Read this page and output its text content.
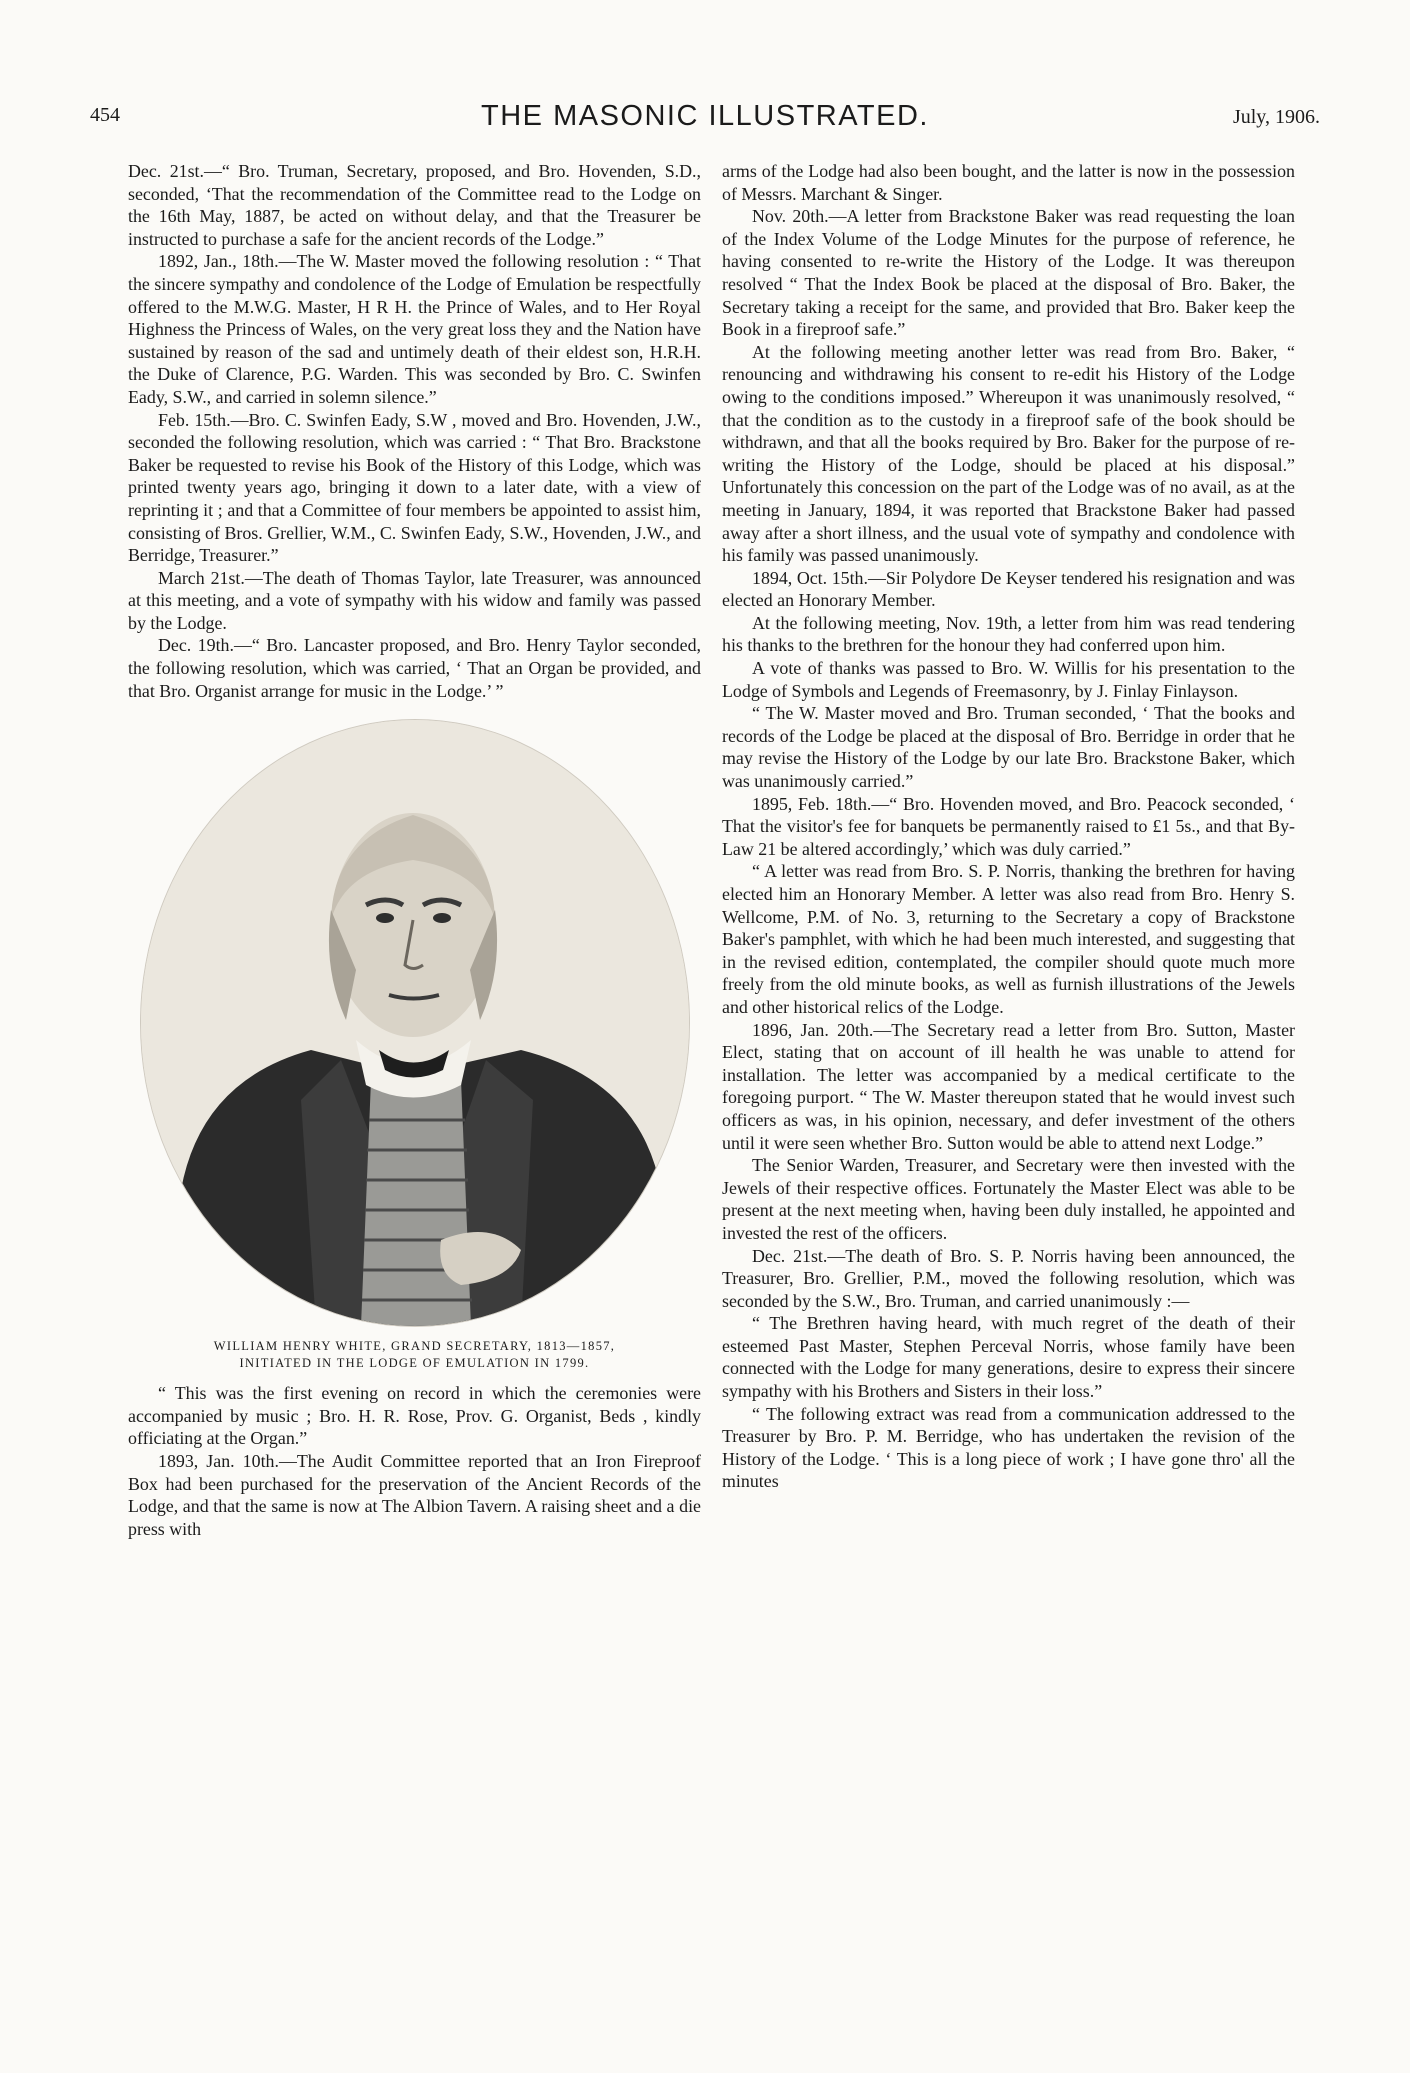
454	THE MASONIC ILLUSTRATED.	July, 1906.

Dec. 21st.—“ Bro. Truman, Secretary, proposed, and Bro. Hovenden, S.D., seconded, ‘That the recommendation of the Committee read to the Lodge on the 16th May, 1887, be acted on without delay, and that the Treasurer be instructed to purchase a safe for the ancient records of the Lodge.”

1892, Jan., 18th.—The W. Master moved the following resolution : “ That the sincere sympathy and condolence of the Lodge of Emulation be respectfully offered to the M.W.G. Master, H R H. the Prince of Wales, and to Her Royal Highness the Princess of Wales, on the very great loss they and the Nation have sustained by reason of the sad and untimely death of their eldest son, H.R.H. the Duke of Clarence, P.G. Warden. This was seconded by Bro. C. Swinfen Eady, S.W., and carried in solemn silence.”

Feb. 15th.—Bro. C. Swinfen Eady, S.W , moved and Bro. Hovenden, J.W., seconded the following resolution, which was carried : “ That Bro. Brackstone Baker be requested to revise his Book of the History of this Lodge, which was printed twenty years ago, bringing it down to a later date, with a view of reprinting it ; and that a Committee of four members be appointed to assist him, consisting of Bros. Grellier, W.M., C. Swinfen Eady, S.W., Hovenden, J.W., and Berridge, Treasurer.”

March 21st.—The death of Thomas Taylor, late Treasurer, was announced at this meeting, and a vote of sympathy with his widow and family was passed by the Lodge.

Dec. 19th.—“ Bro. Lancaster proposed, and Bro. Henry Taylor seconded, the following resolution, which was carried, ‘ That an Organ be provided, and that Bro. Organist arrange for music in the Lodge.’ ”

WILLIAM HENRY WHITE, GRAND SECRETARY, 1813—1857,
INITIATED IN THE LODGE OF EMULATION IN 1799.

“ This was the first evening on record in which the ceremonies were accompanied by music ; Bro. H. R. Rose, Prov. G. Organist, Beds , kindly officiating at the Organ.”

1893, Jan. 10th.—The Audit Committee reported that an Iron Fireproof Box had been purchased for the preservation of the Ancient Records of the Lodge, and that the same is now at The Albion Tavern. A raising sheet and a die press with

arms of the Lodge had also been bought, and the latter is now in the possession of Messrs. Marchant & Singer.

Nov. 20th.—A letter from Brackstone Baker was read requesting the loan of the Index Volume of the Lodge Minutes for the purpose of reference, he having consented to re-write the History of the Lodge. It was thereupon resolved “ That the Index Book be placed at the disposal of Bro. Baker, the Secretary taking a receipt for the same, and provided that Bro. Baker keep the Book in a fireproof safe.”

At the following meeting another letter was read from Bro. Baker, “ renouncing and withdrawing his consent to re-edit his History of the Lodge owing to the conditions imposed.” Whereupon it was unanimously resolved, “ that the condition as to the custody in a fireproof safe of the book should be withdrawn, and that all the books required by Bro. Baker for the purpose of re-writing the History of the Lodge, should be placed at his disposal.” Unfortunately this concession on the part of the Lodge was of no avail, as at the meeting in January, 1894, it was reported that Brackstone Baker had passed away after a short illness, and the usual vote of sympathy and condolence with his family was passed unanimously.

1894, Oct. 15th.—Sir Polydore De Keyser tendered his resignation and was elected an Honorary Member.

At the following meeting, Nov. 19th, a letter from him was read tendering his thanks to the brethren for the honour they had conferred upon him.

A vote of thanks was passed to Bro. W. Willis for his presentation to the Lodge of Symbols and Legends of Freemasonry, by J. Finlay Finlayson.

“ The W. Master moved and Bro. Truman seconded, ‘ That the books and records of the Lodge be placed at the disposal of Bro. Berridge in order that he may revise the History of the Lodge by our late Bro. Brackstone Baker, which was unanimously carried.”

1895, Feb. 18th.—“ Bro. Hovenden moved, and Bro. Peacock seconded, ‘ That the visitor's fee for banquets be permanently raised to £1 5s., and that By-Law 21 be altered accordingly,’ which was duly carried.”

“ A letter was read from Bro. S. P. Norris, thanking the brethren for having elected him an Honorary Member. A letter was also read from Bro. Henry S. Wellcome, P.M. of No. 3, returning to the Secretary a copy of Brackstone Baker's pamphlet, with which he had been much interested, and suggesting that in the revised edition, contemplated, the compiler should quote much more freely from the old minute books, as well as furnish illustrations of the Jewels and other historical relics of the Lodge.

1896, Jan. 20th.—The Secretary read a letter from Bro. Sutton, Master Elect, stating that on account of ill health he was unable to attend for installation. The letter was accompanied by a medical certificate to the foregoing purport. “ The W. Master thereupon stated that he would invest such officers as was, in his opinion, necessary, and defer investment of the others until it were seen whether Bro. Sutton would be able to attend next Lodge.”

The Senior Warden, Treasurer, and Secretary were then invested with the Jewels of their respective offices. Fortunately the Master Elect was able to be present at the next meeting when, having been duly installed, he appointed and invested the rest of the officers.

Dec. 21st.—The death of Bro. S. P. Norris having been announced, the Treasurer, Bro. Grellier, P.M., moved the following resolution, which was seconded by the S.W., Bro. Truman, and carried unanimously :—

“ The Brethren having heard, with much regret of the death of their esteemed Past Master, Stephen Perceval Norris, whose family have been connected with the Lodge for many generations, desire to express their sincere sympathy with his Brothers and Sisters in their loss.”

“ The following extract was read from a communication addressed to the Treasurer by Bro. P. M. Berridge, who has undertaken the revision of the History of the Lodge. ‘ This is a long piece of work ; I have gone thro' all the minutes
